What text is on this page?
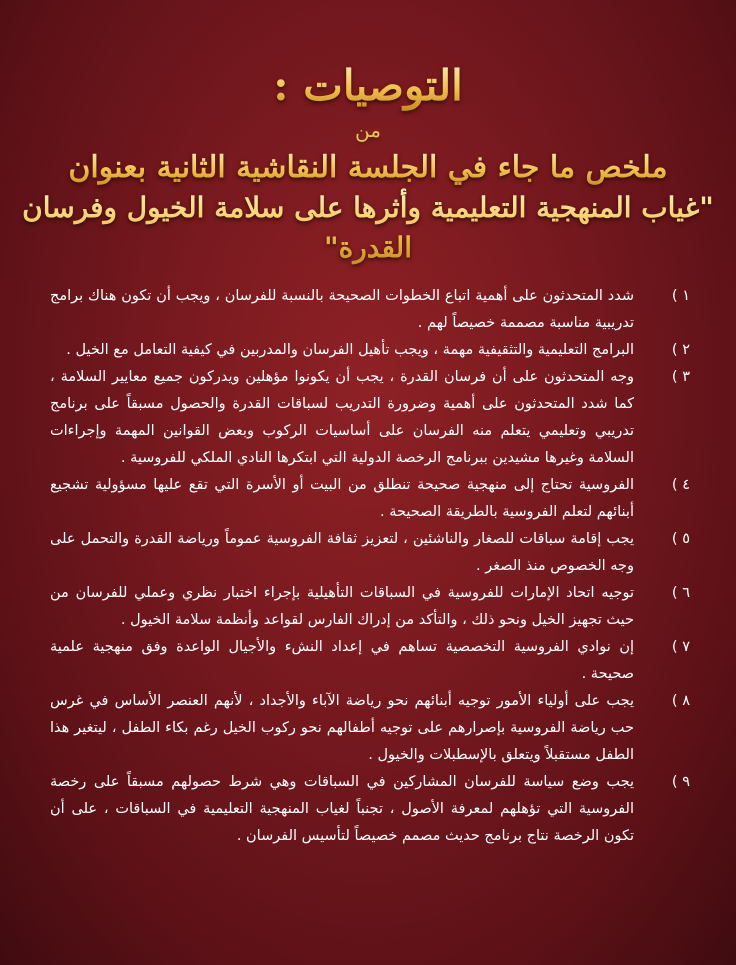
التوصيات :
من
ملخص ما جاء في الجلسة النقاشية الثانية بعنوان
"غياب المنهجية التعليمية وأثرها على سلامة الخيول وفرسان القدرة"
١ )
شدد المتحدثون على أهمية اتباع الخطوات الصحيحة بالنسبة للفرسان ، ويجب أن تكون هناك برامج تدريبية مناسبة مصممة خصيصاً لهم .
٢ )
البرامج التعليمية والتثقيفية مهمة ، ويجب تأهيل الفرسان والمدربين في كيفية التعامل مع الخيل .
٣ )
وجه المتحدثون على أن فرسان القدرة ، يجب أن يكونوا مؤهلين ويدركون جميع معايير السلامة ، كما شدد المتحدثون على أهمية وضرورة التدريب لسباقات القدرة والحصول مسبقاً على برنامج تدريبي وتعليمي يتعلم منه الفرسان على أساسيات الركوب وبعض القوانين المهمة وإجراءات السلامة وغيرها مشيدين ببرنامج الرخصة الدولية التي ابتكرها النادي الملكي للفروسية .
٤ )
الفروسية تحتاج إلى منهجية صحيحة تنطلق من البيت أو الأسرة التي تقع عليها مسؤولية تشجيع أبنائهم لتعلم الفروسية بالطريقة الصحيحة .
٥ )
يجب إقامة سباقات للصغار والناشئين ، لتعزيز ثقافة الفروسية عموماً ورياضة القدرة والتحمل على وجه الخصوص منذ الصغر .
٦ )
توجيه اتحاد الإمارات للفروسية في السباقات التأهيلية بإجراء اختبار نظري وعملي للفرسان من حيث تجهيز الخيل ونحو ذلك ، والتأكد من إدراك الفارس لقواعد وأنظمة سلامة الخيول .
٧ )
إن نوادي الفروسية التخصصية تساهم في إعداد النشء والأجيال الواعدة وفق منهجية علمية صحيحة .
٨ )
يجب على أولياء الأمور توجيه أبنائهم نحو رياضة الآباء والأجداد ، لأنهم العنصر الأساس في غرس حب رياضة الفروسية بإصرارهم على توجيه أطفالهم نحو ركوب الخيل رغم بكاء الطفل ، ليتغير هذا الطفل مستقبلاً ويتعلق بالإسطبلات والخيول .
٩ )
يجب وضع سياسة للفرسان المشاركين في السباقات وهي شرط حصولهم مسبقاً على رخصة الفروسية التي تؤهلهم لمعرفة الأصول ، تجنباً لغياب المنهجية التعليمية في السباقات ، على أن تكون الرخصة نتاج برنامج حديث مصمم خصيصاً لتأسيس الفرسان .
